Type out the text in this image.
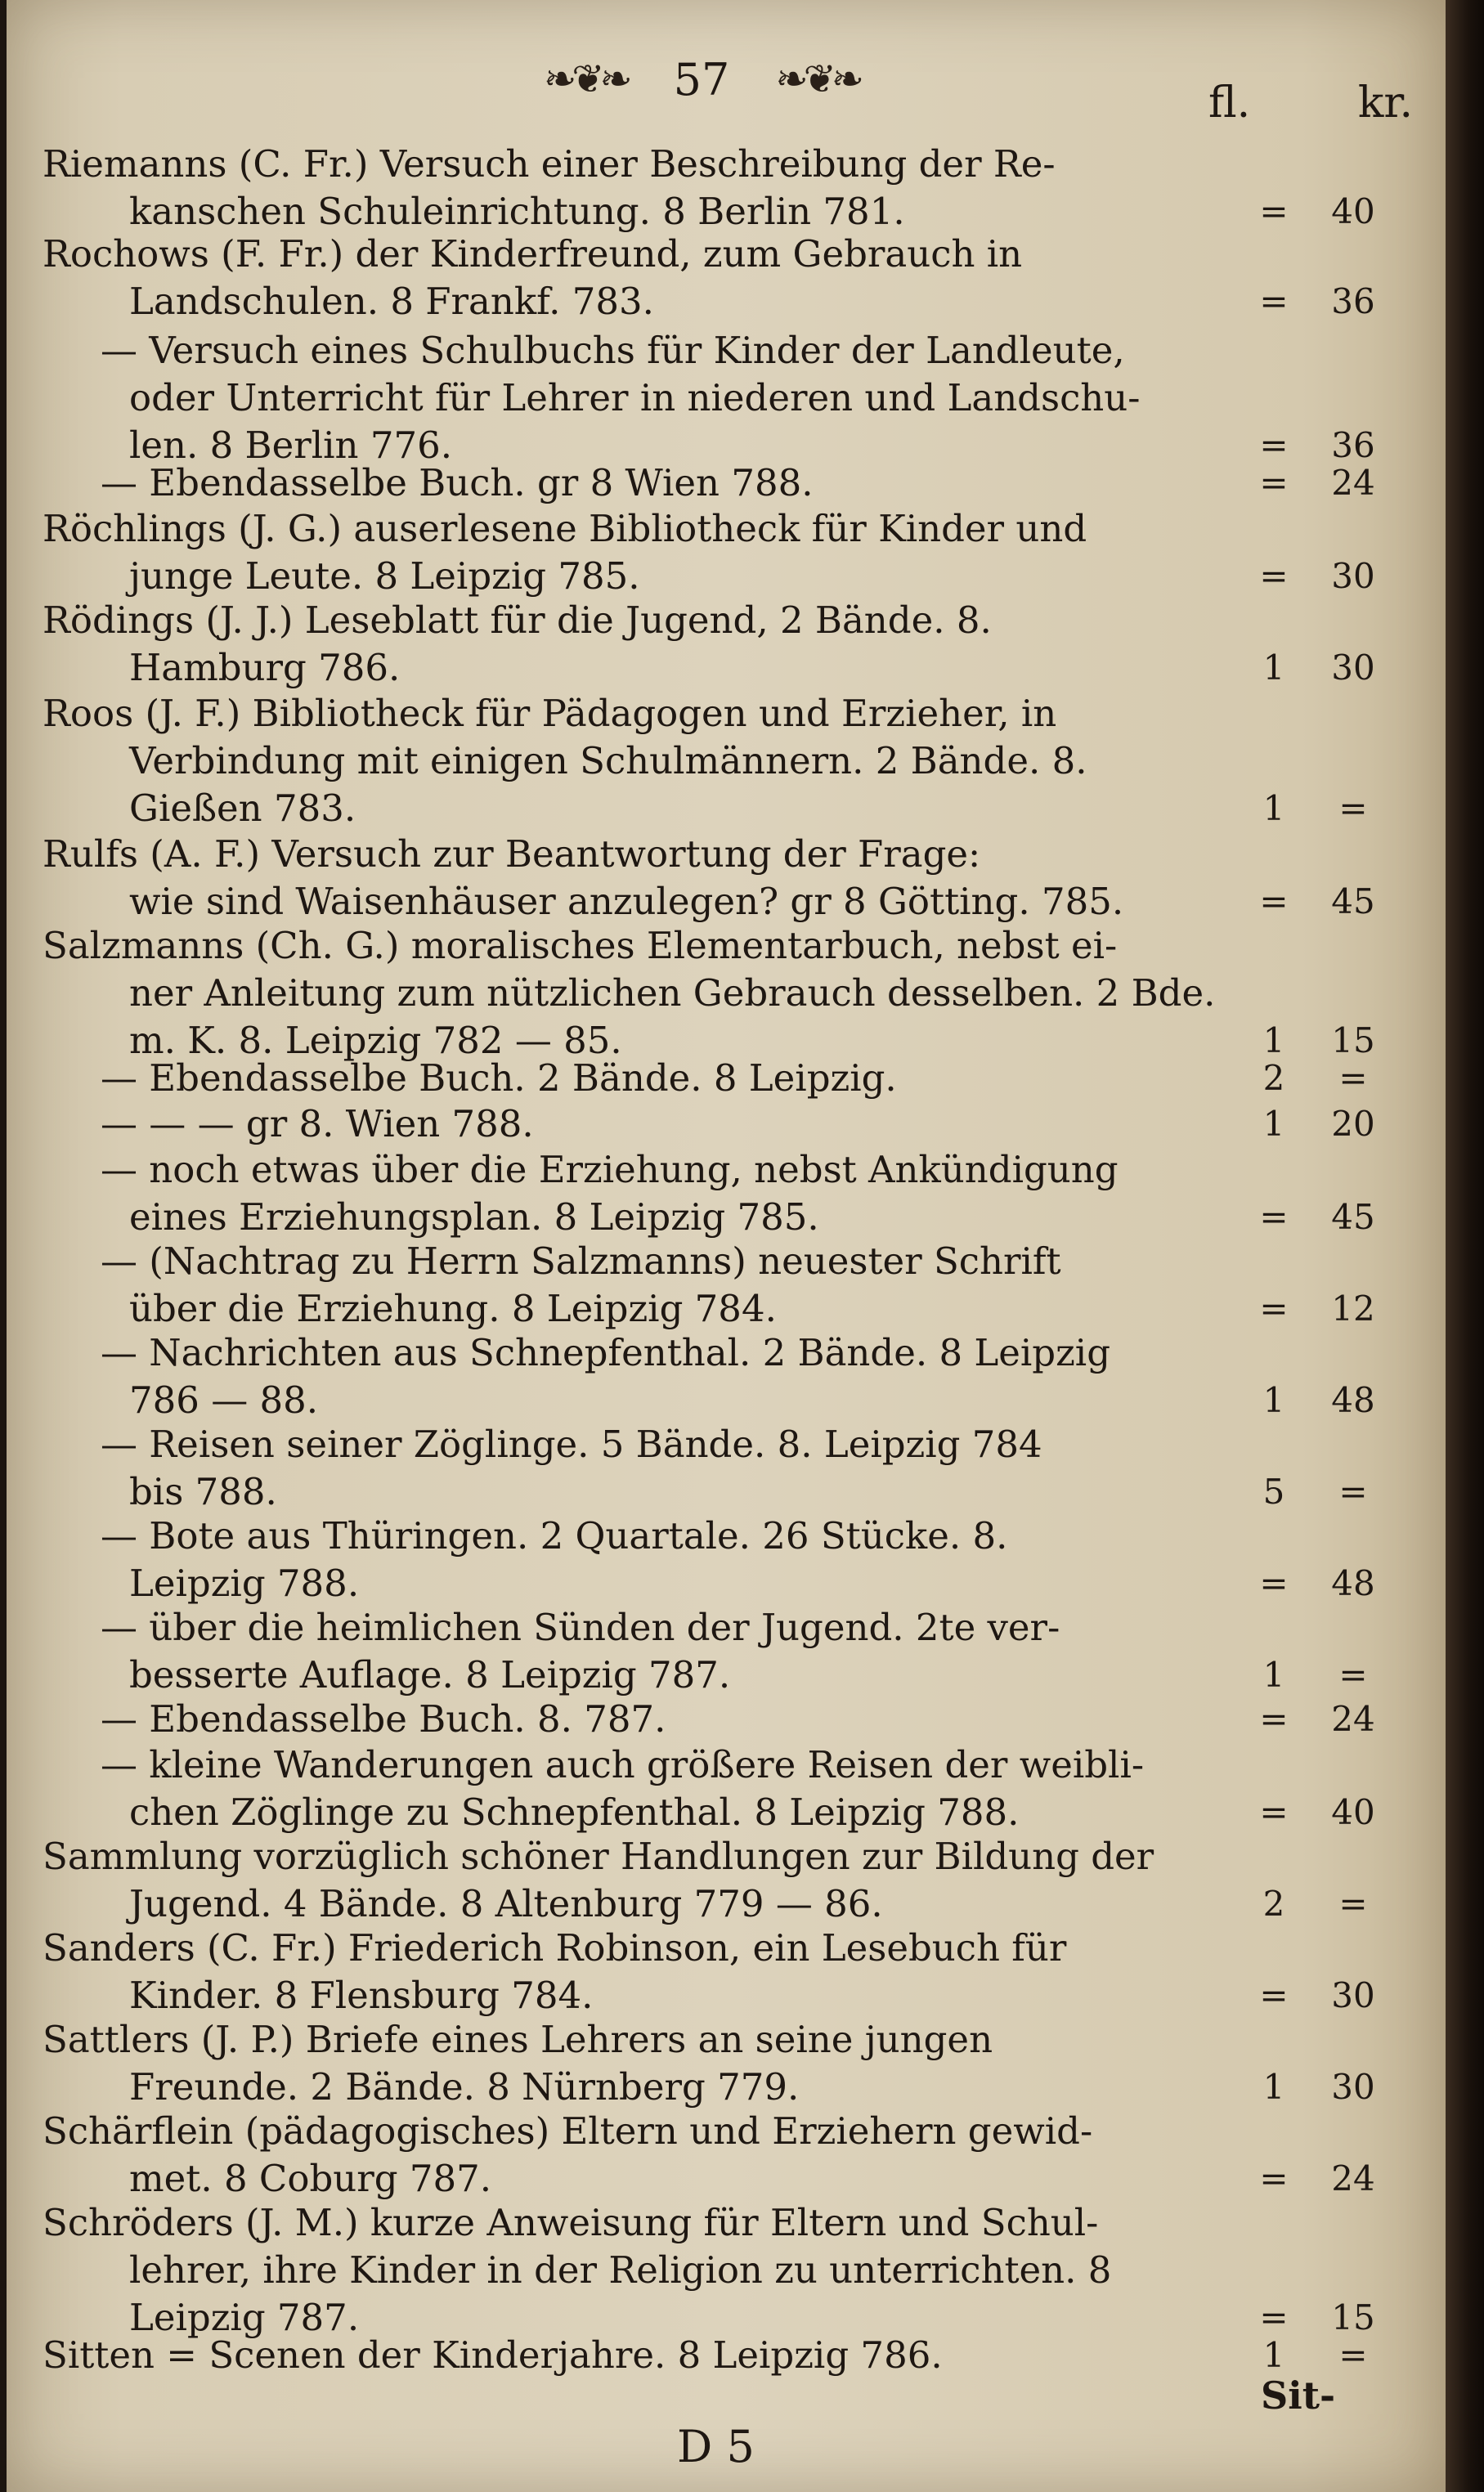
❧❦❧ 57 ❧❦❧	fl.	kr.
Riemanns (C. Fr.) Versuch einer Beschreibung der Re-
kanschen Schuleinrichtung. 8 Berlin 781.	=	40
Rochows (F. Fr.) der Kinderfreund, zum Gebrauch in
Landschulen. 8 Frankf. 783.	=	36
— Versuch eines Schulbuchs für Kinder der Landleute,
oder Unterricht für Lehrer in niederen und Landschu-
len. 8 Berlin 776.	=	36
— Ebendasselbe Buch. gr 8 Wien 788.	=	24
Röchlings (J. G.) auserlesene Bibliotheck für Kinder und
junge Leute. 8 Leipzig 785.	=	30
Rödings (J. J.) Leseblatt für die Jugend, 2 Bände. 8.
Hamburg 786.	1	30
Roos (J. F.) Bibliotheck für Pädagogen und Erzieher, in
Verbindung mit einigen Schulmännern. 2 Bände. 8.
Gießen 783.	1	=
Rulfs (A. F.) Versuch zur Beantwortung der Frage:
wie sind Waisenhäuser anzulegen? gr 8 Götting. 785.	=	45
Salzmanns (Ch. G.) moralisches Elementarbuch, nebst ei-
ner Anleitung zum nützlichen Gebrauch desselben. 2 Bde.
m. K. 8. Leipzig 782 — 85.	1	15
— Ebendasselbe Buch. 2 Bände. 8 Leipzig.	2	=
— — — gr 8. Wien 788.	1	20
— noch etwas über die Erziehung, nebst Ankündigung
eines Erziehungsplan. 8 Leipzig 785.	=	45
— (Nachtrag zu Herrn Salzmanns) neuester Schrift
über die Erziehung. 8 Leipzig 784.	=	12
— Nachrichten aus Schnepfenthal. 2 Bände. 8 Leipzig
786 — 88.	1	48
— Reisen seiner Zöglinge. 5 Bände. 8. Leipzig 784
bis 788.	5	=
— Bote aus Thüringen. 2 Quartale. 26 Stücke. 8.
Leipzig 788.	=	48
— über die heimlichen Sünden der Jugend. 2te ver-
besserte Auflage. 8 Leipzig 787.	1	=
— Ebendasselbe Buch. 8. 787.	=	24
— kleine Wanderungen auch größere Reisen der weibli-
chen Zöglinge zu Schnepfenthal. 8 Leipzig 788.	=	40
Sammlung vorzüglich schöner Handlungen zur Bildung der
Jugend. 4 Bände. 8 Altenburg 779 — 86.	2	=
Sanders (C. Fr.) Friederich Robinson, ein Lesebuch für
Kinder. 8 Flensburg 784.	=	30
Sattlers (J. P.) Briefe eines Lehrers an seine jungen
Freunde. 2 Bände. 8 Nürnberg 779.	1	30
Schärflein (pädagogisches) Eltern und Erziehern gewid-
met. 8 Coburg 787.	=	24
Schröders (J. M.) kurze Anweisung für Eltern und Schul-
lehrer, ihre Kinder in der Religion zu unterrichten. 8
Leipzig 787.	=	15
Sitten = Scenen der Kinderjahre. 8 Leipzig 786.	1	=
Sit-
D 5
